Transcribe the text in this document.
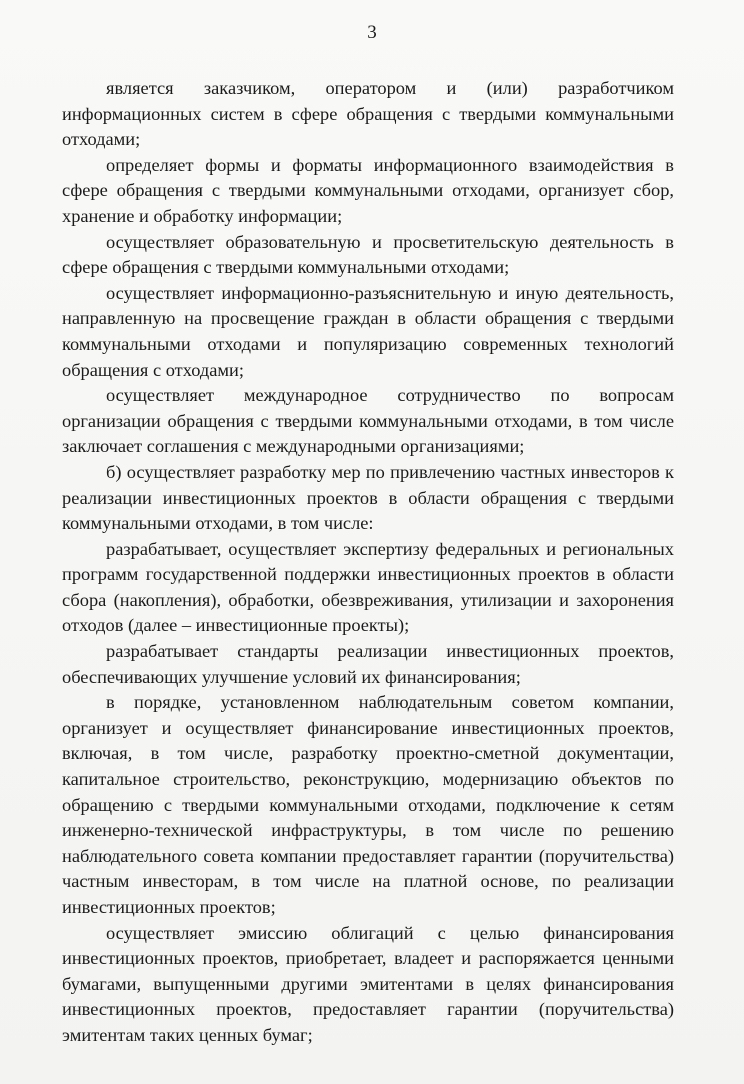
3

является заказчиком, оператором и (или) разработчиком информационных систем в сфере обращения с твердыми коммунальными отходами;

определяет формы и форматы информационного взаимодействия в сфере обращения с твердыми коммунальными отходами, организует сбор, хранение и обработку информации;

осуществляет образовательную и просветительскую деятельность в сфере обращения с твердыми коммунальными отходами;

осуществляет информационно-разъяснительную и иную деятельность, направленную на просвещение граждан в области обращения с твердыми коммунальными отходами и популяризацию современных технологий обращения с отходами;

осуществляет международное сотрудничество по вопросам организации обращения с твердыми коммунальными отходами, в том числе заключает соглашения с международными организациями;

б) осуществляет разработку мер по привлечению частных инвесторов к реализации инвестиционных проектов в области обращения с твердыми коммунальными отходами, в том числе:

разрабатывает, осуществляет экспертизу федеральных и региональных программ государственной поддержки инвестиционных проектов в области сбора (накопления), обработки, обезвреживания, утилизации и захоронения отходов (далее – инвестиционные проекты);

разрабатывает стандарты реализации инвестиционных проектов, обеспечивающих улучшение условий их финансирования;

в порядке, установленном наблюдательным советом компании, организует и осуществляет финансирование инвестиционных проектов, включая, в том числе, разработку проектно-сметной документации, капитальное строительство, реконструкцию, модернизацию объектов по обращению с твердыми коммунальными отходами, подключение к сетям инженерно-технической инфраструктуры, в том числе по решению наблюдательного совета компании предоставляет гарантии (поручительства) частным инвесторам, в том числе на платной основе, по реализации инвестиционных проектов;

осуществляет эмиссию облигаций с целью финансирования инвестиционных проектов, приобретает, владеет и распоряжается ценными бумагами, выпущенными другими эмитентами в целях финансирования инвестиционных проектов, предоставляет гарантии (поручительства) эмитентам таких ценных бумаг;
